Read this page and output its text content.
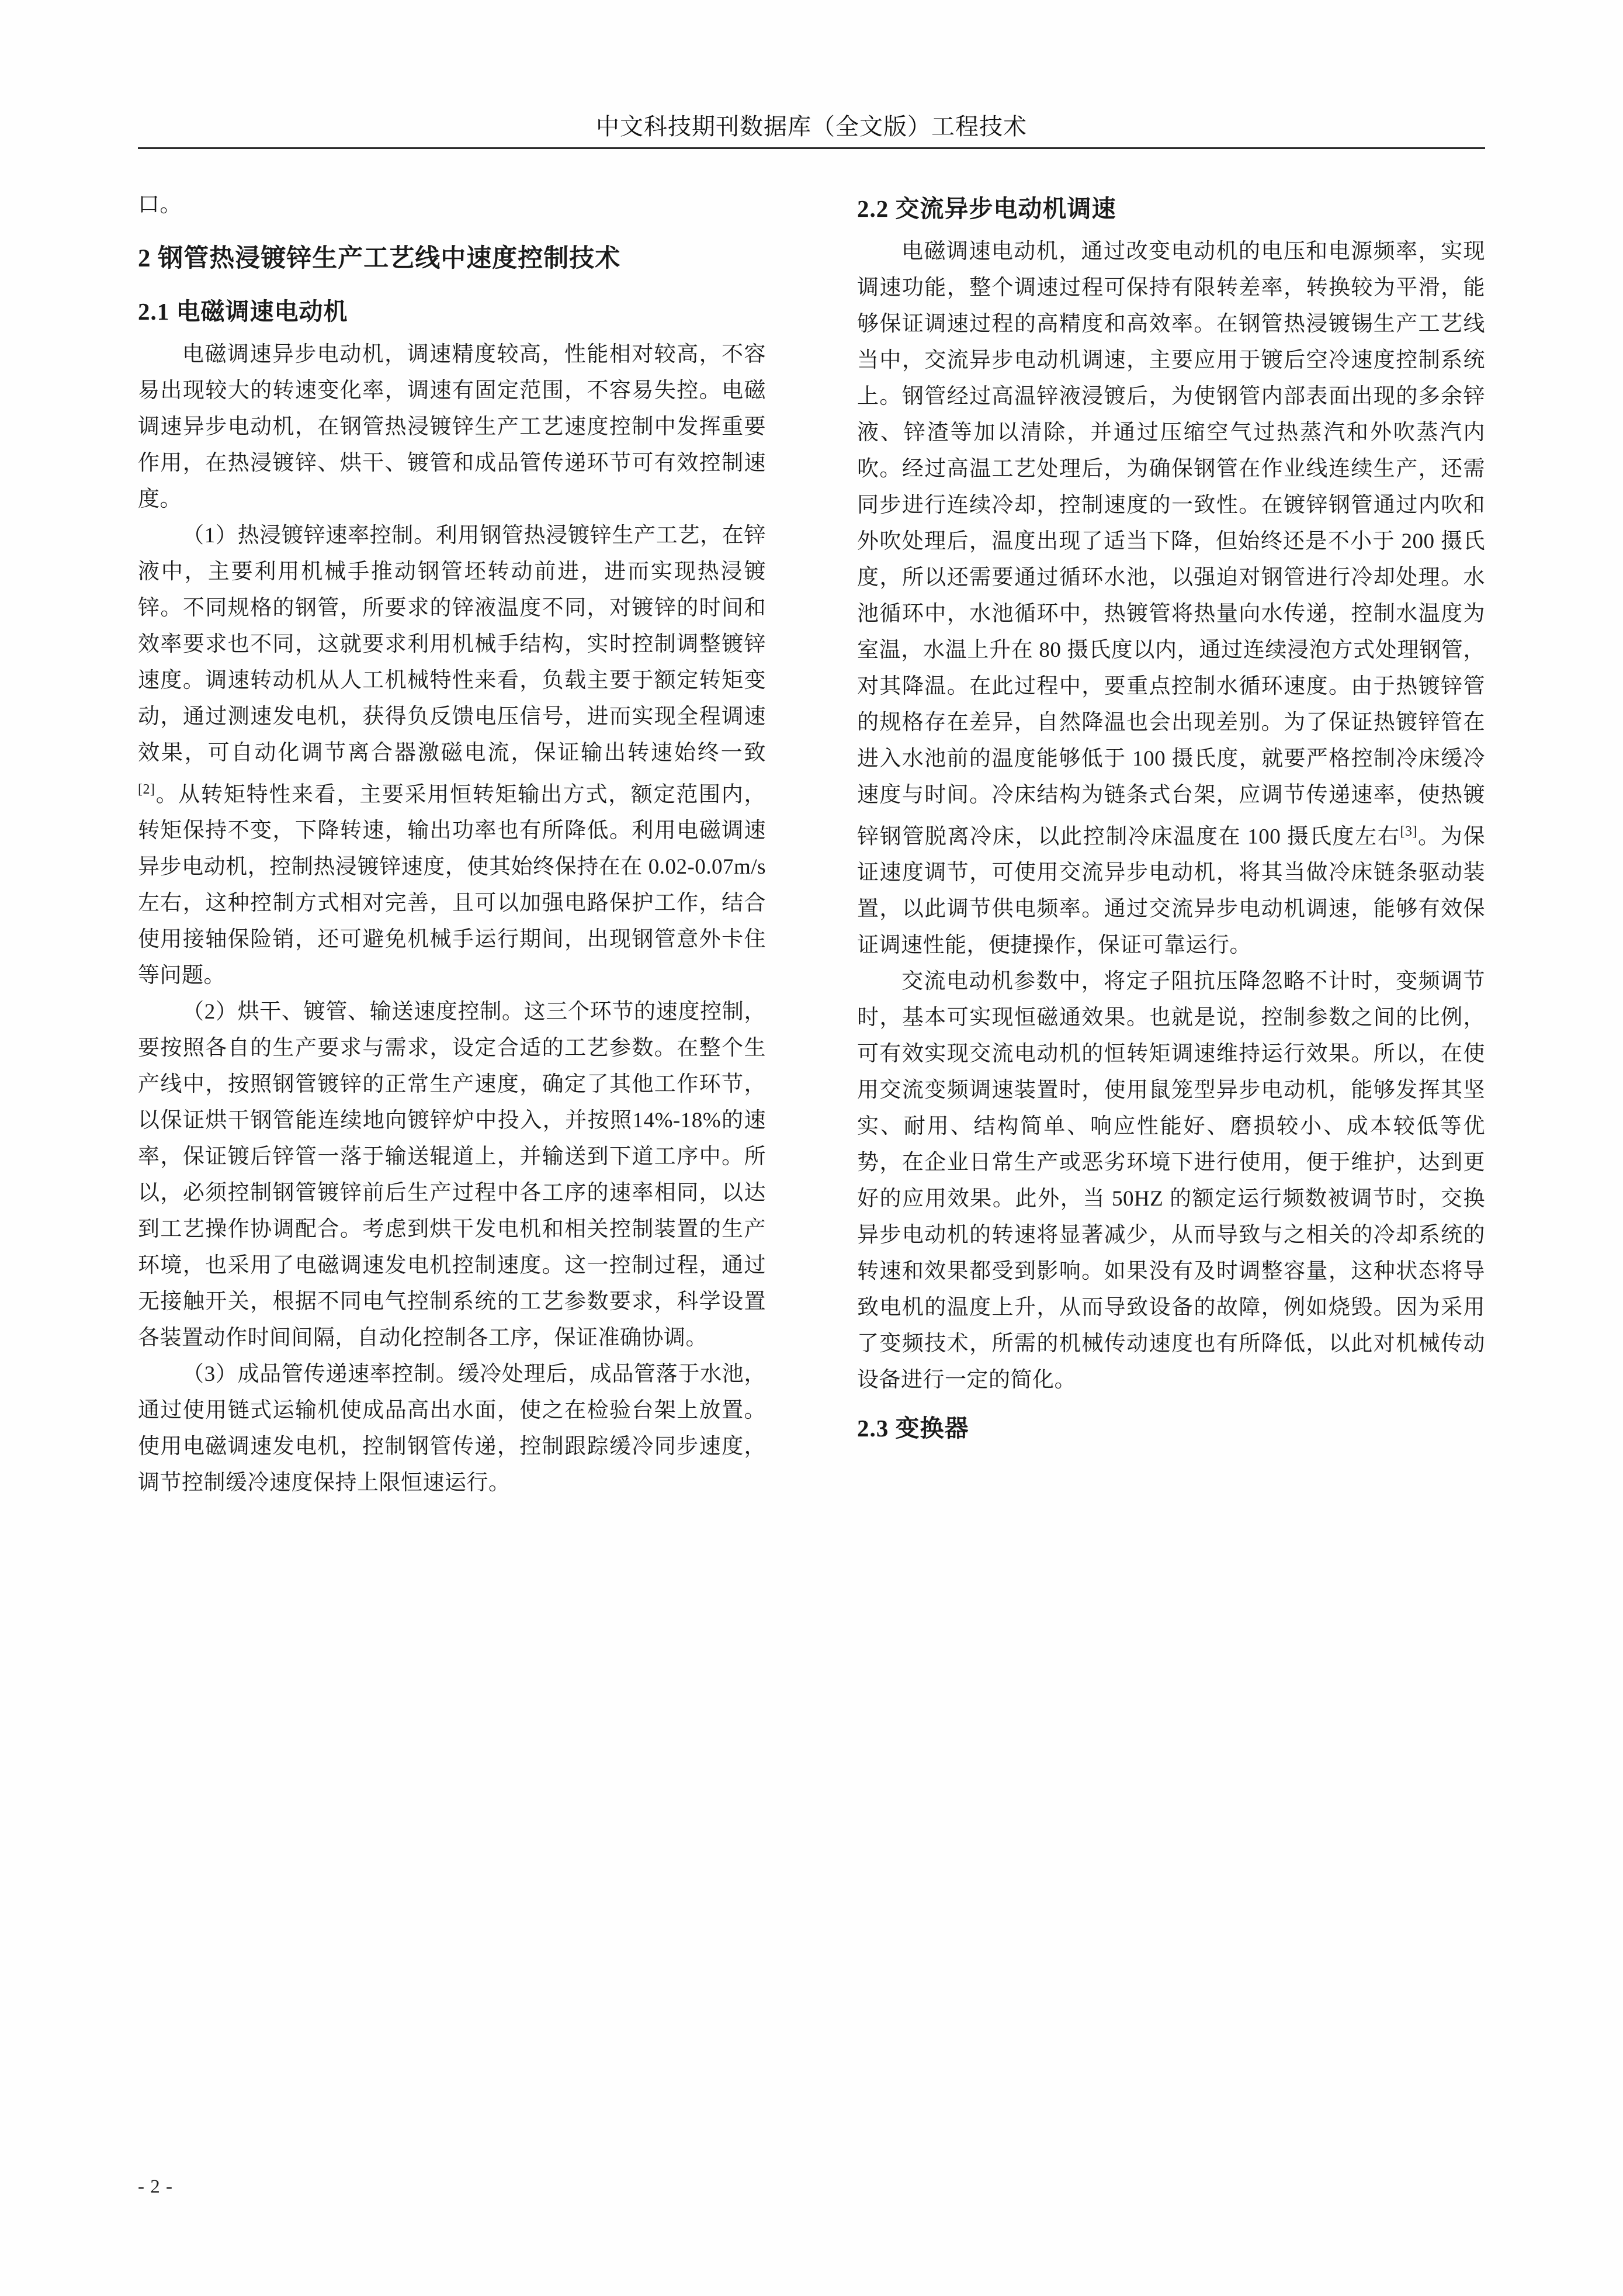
中文科技期刊数据库（全文版）工程技术

口。

2 钢管热浸镀锌生产工艺线中速度控制技术
2.1 电磁调速电动机

电磁调速异步电动机，调速精度较高，性能相对较高，不容易出现较大的转速变化率，调速有固定范围，不容易失控。电磁调速异步电动机，在钢管热浸镀锌生产工艺速度控制中发挥重要作用，在热浸镀锌、烘干、镀管和成品管传递环节可有效控制速度。

（1）热浸镀锌速率控制。利用钢管热浸镀锌生产工艺，在锌液中，主要利用机械手推动钢管坯转动前进，进而实现热浸镀锌。不同规格的钢管，所要求的锌液温度不同，对镀锌的时间和效率要求也不同，这就要求利用机械手结构，实时控制调整镀锌速度。调速转动机从人工机械特性来看，负载主要于额定转矩变动，通过测速发电机，获得负反馈电压信号，进而实现全程调速效果，可自动化调节离合器激磁电流，保证输出转速始终一致[2]。从转矩特性来看，主要采用恒转矩输出方式，额定范围内，转矩保持不变，下降转速，输出功率也有所降低。利用电磁调速异步电动机，控制热浸镀锌速度，使其始终保持在在 0.02-0.07m/s 左右，这种控制方式相对完善，且可以加强电路保护工作，结合使用接轴保险销，还可避免机械手运行期间，出现钢管意外卡住等问题。

（2）烘干、镀管、输送速度控制。这三个环节的速度控制，要按照各自的生产要求与需求，设定合适的工艺参数。在整个生产线中，按照钢管镀锌的正常生产速度，确定了其他工作环节，以保证烘干钢管能连续地向镀锌炉中投入，并按照14%-18%的速率，保证镀后锌管一落于输送辊道上，并输送到下道工序中。所以，必须控制钢管镀锌前后生产过程中各工序的速率相同，以达到工艺操作协调配合。考虑到烘干发电机和相关控制装置的生产环境，也采用了电磁调速发电机控制速度。这一控制过程，通过无接触开关，根据不同电气控制系统的工艺参数要求，科学设置各装置动作时间间隔，自动化控制各工序，保证准确协调。

（3）成品管传递速率控制。缓冷处理后，成品管落于水池，通过使用链式运输机使成品高出水面，使之在检验台架上放置。使用电磁调速发电机，控制钢管传递，控制跟踪缓冷同步速度，调节控制缓冷速度保持上限恒速运行。

2.2 交流异步电动机调速

电磁调速电动机，通过改变电动机的电压和电源频率，实现调速功能，整个调速过程可保持有限转差率，转换较为平滑，能够保证调速过程的高精度和高效率。在钢管热浸镀锡生产工艺线当中，交流异步电动机调速，主要应用于镀后空冷速度控制系统上。钢管经过高温锌液浸镀后，为使钢管内部表面出现的多余锌液、锌渣等加以清除，并通过压缩空气过热蒸汽和外吹蒸汽内吹。经过高温工艺处理后，为确保钢管在作业线连续生产，还需同步进行连续冷却，控制速度的一致性。在镀锌钢管通过内吹和外吹处理后，温度出现了适当下降，但始终还是不小于 200 摄氏度，所以还需要通过循环水池，以强迫对钢管进行冷却处理。水池循环中，水池循环中，热镀管将热量向水传递，控制水温度为室温，水温上升在 80 摄氏度以内，通过连续浸泡方式处理钢管，对其降温。在此过程中，要重点控制水循环速度。由于热镀锌管的规格存在差异，自然降温也会出现差别。为了保证热镀锌管在进入水池前的温度能够低于 100 摄氏度，就要严格控制冷床缓冷速度与时间。冷床结构为链条式台架，应调节传递速率，使热镀锌钢管脱离冷床，以此控制冷床温度在 100 摄氏度左右[3]。为保证速度调节，可使用交流异步电动机，将其当做冷床链条驱动装置，以此调节供电频率。通过交流异步电动机调速，能够有效保证调速性能，便捷操作，保证可靠运行。

交流电动机参数中，将定子阻抗压降忽略不计时，变频调节时，基本可实现恒磁通效果。也就是说，控制参数之间的比例，可有效实现交流电动机的恒转矩调速维持运行效果。所以，在使用交流变频调速装置时，使用鼠笼型异步电动机，能够发挥其坚实、耐用、结构简单、响应性能好、磨损较小、成本较低等优势，在企业日常生产或恶劣环境下进行使用，便于维护，达到更好的应用效果。此外，当 50HZ 的额定运行频数被调节时，交换异步电动机的转速将显著减少，从而导致与之相关的冷却系统的转速和效果都受到影响。如果没有及时调整容量，这种状态将导致电机的温度上升，从而导致设备的故障，例如烧毁。因为采用了变频技术，所需的机械传动速度也有所降低，以此对机械传动设备进行一定的简化。

2.3 变换器
- 2 -
